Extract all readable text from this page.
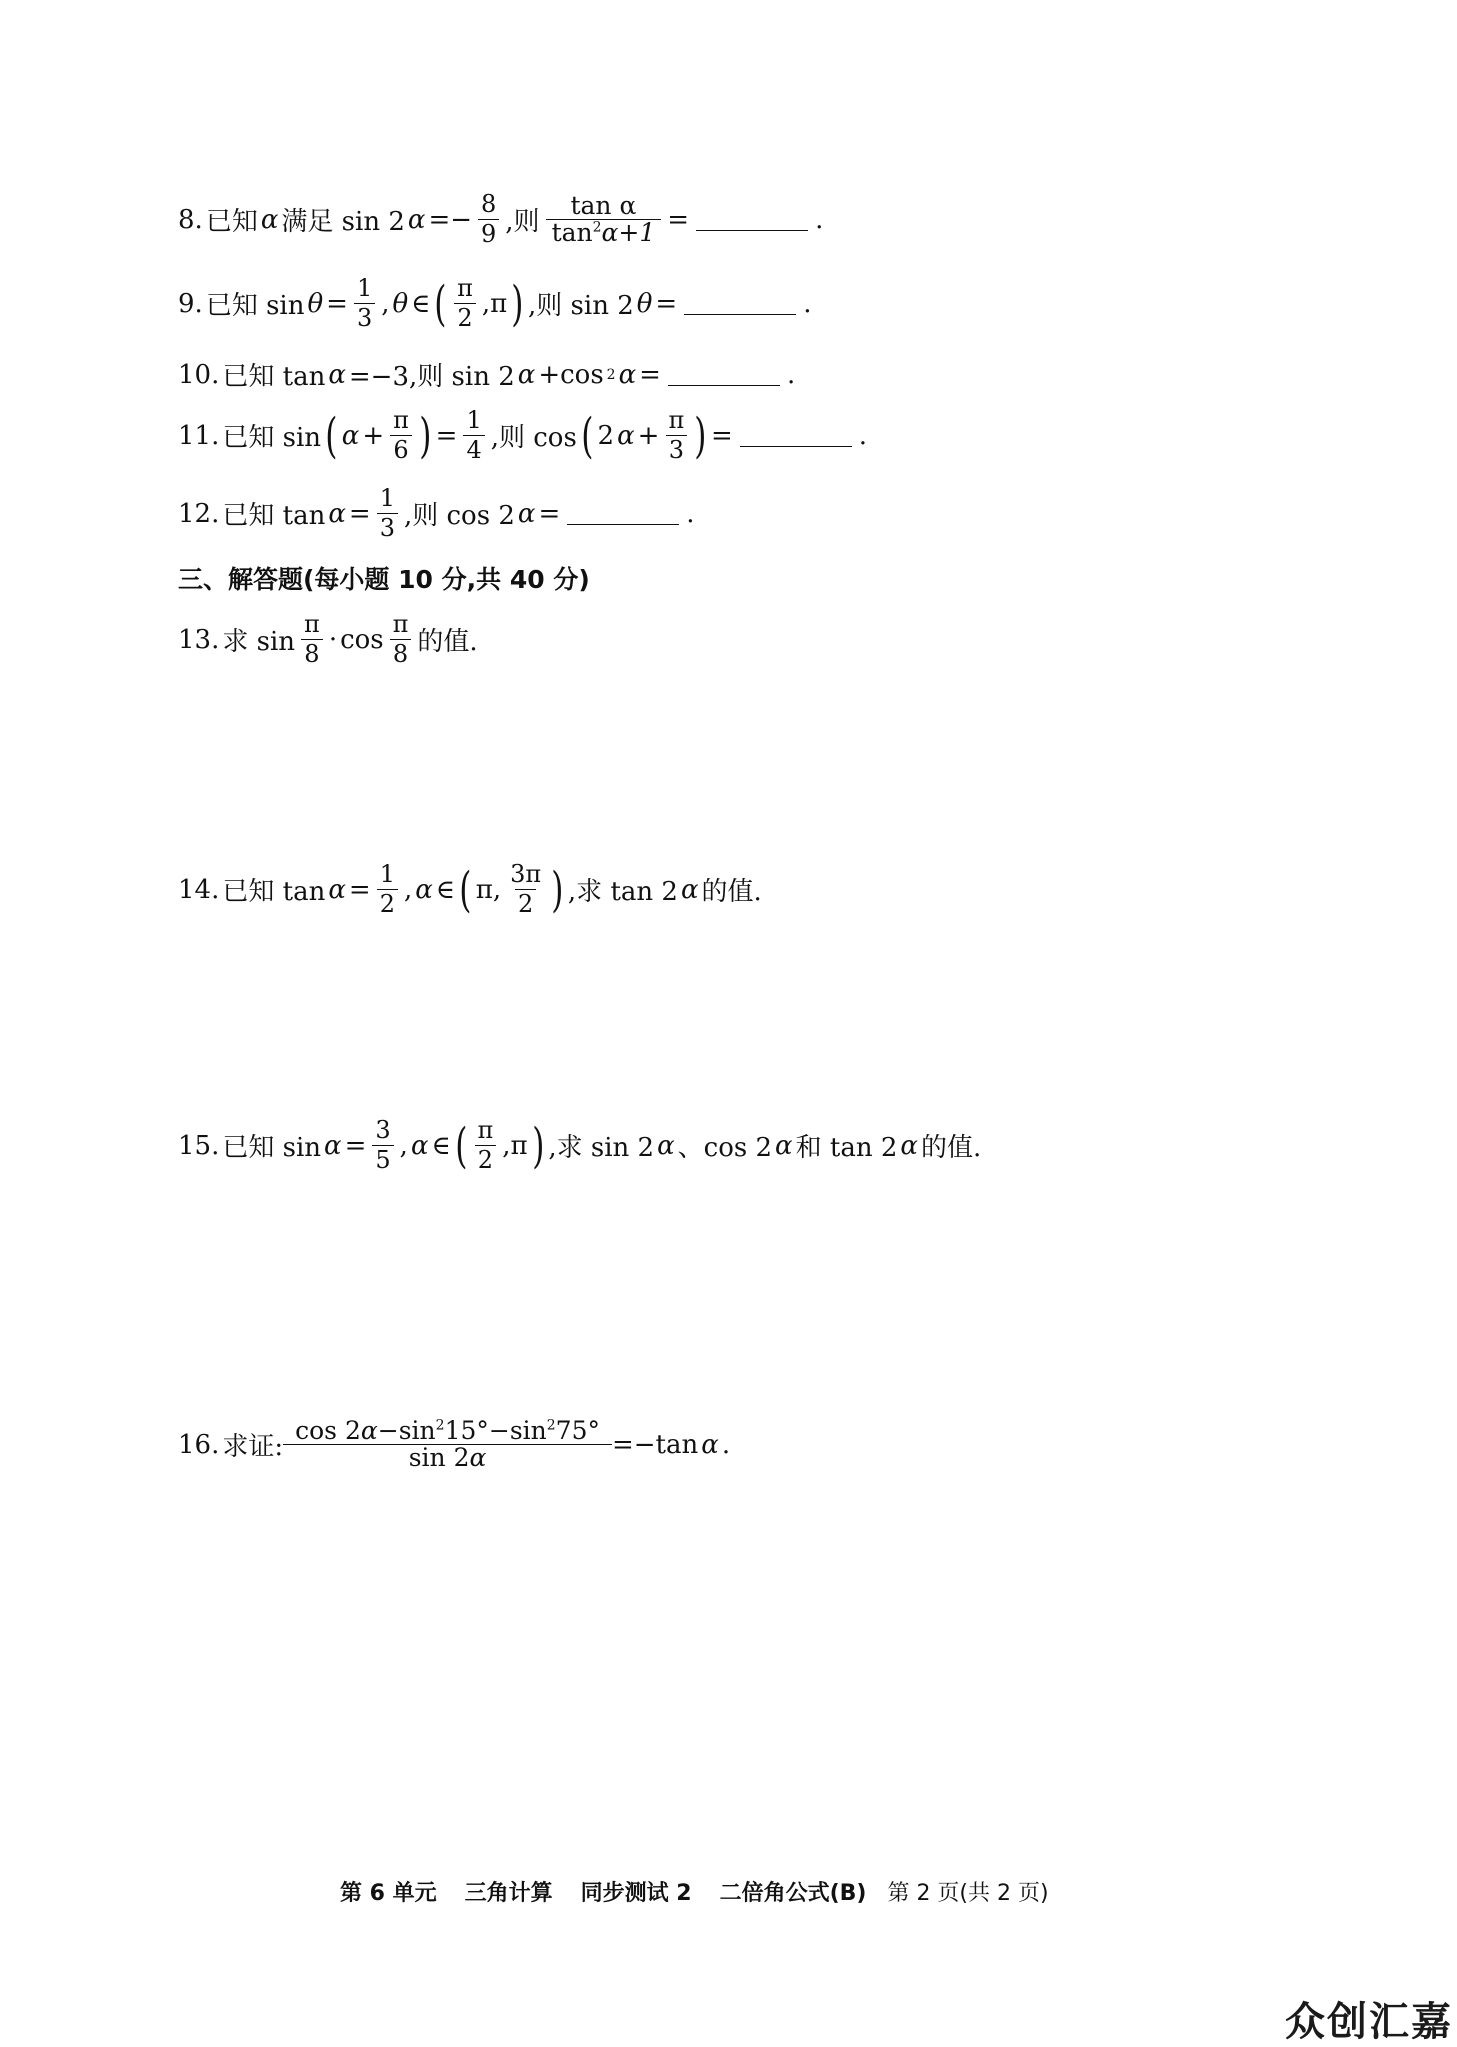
8. 已知 α 满足 sin 2 $\alpha =- \frac{8}{9}$ ,则 $\frac{\text{tan α}}{\tan^2\alpha+1}$ =	.
9. 已知 $\sin \theta = \frac{1}{3}$ , θ ∈ ( $\frac{\pi}{2} ,\pi$ ) ,则 sin 2 θ =	.
10. 已知 tan α =−3,则 sin 2 α +cos 2 α =	.
11. 已知 sin ( $\alpha + \frac{\pi}{6}$ ) = $\frac{1}{4}$ ,则 cos ( 2 $\alpha + \frac{\pi}{3}$ ) =	.
12. 已知 $\tan \alpha = \frac{1}{3}$ ,则 cos 2 α =	.
三、解答题(每小题 10 分,共 40 分)
13. 求 $\sin \frac{\pi}{8} \cdot \cos \frac{\pi}{8}$ 的值.
14. 已知 $\tan \alpha = \frac{1}{2}$ , α ∈ ( π, $\frac{3\pi}{2}$ ) ,求 tan 2 α 的值.
15. 已知 $\sin \alpha = \frac{3}{5}$ , α ∈ ( $\frac{\pi}{2} ,\pi$ ) ,求 sin 2 α 、cos 2 α 和 tan 2 α 的值.
16. 求证: $\frac{\cos 2\alpha-\sin^215^\circ-\sin^275^\circ}{\sin 2\alpha} =-\tan$ α .
第 6 单元 三角计算 同步测试 2 二倍角公式(B) 第 2 页(共 2 页)
众创汇嘉
